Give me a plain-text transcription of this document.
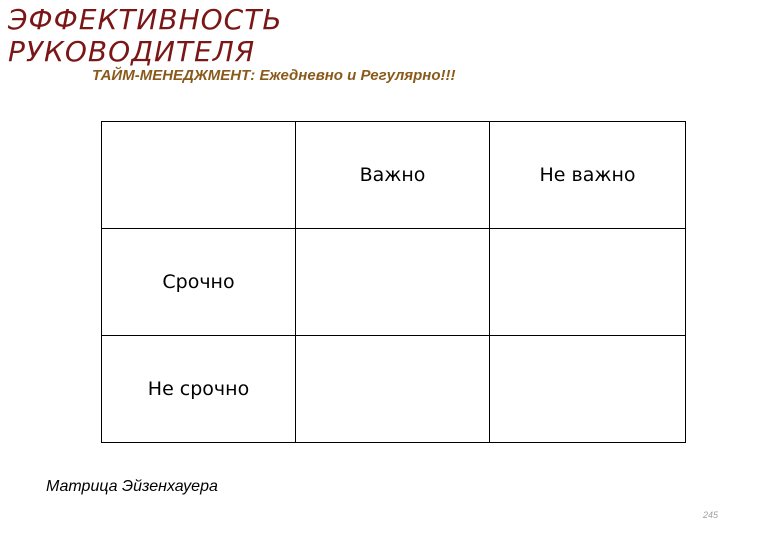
ЭФФЕКТИВНОСТЬ
РУКОВОДИТЕЛЯ
ТАЙМ-МЕНЕДЖМЕНТ: Ежедневно и Регулярно!!!
	Важно	Не важно
Срочно		
Не срочно		
Матрица Эйзенхауера
245
